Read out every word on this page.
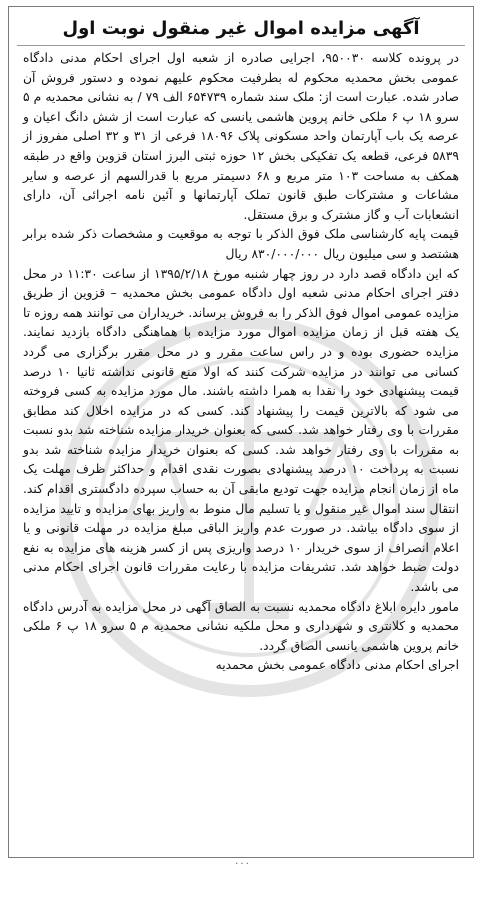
آگهی مزایده اموال غیر منقول نوبت اول

در پرونده کلاسه ۹۵۰۰۳۰، اجرایی صادره از شعبه اول اجرای احکام مدنی دادگاه عمومی بخش محمدیه محکوم له بطرفیت محکوم علیهم نموده و دستور فروش آن صادر شده. عبارت است از: ملک سند شماره ۶۵۴۷۳۹ الف ۷۹ / به نشانی محمدیه م ۵ سرو ۱۸ پ ۶ ملکی خانم پروین هاشمی یانسی که عبارت است از شش دانگ اعیان و عرصه یک باب آپارتمان واحد مسکونی پلاک ۱۸۰۹۶ فرعی از ۳۱ و ۳۲ اصلی مفروز از ۵۸۳۹ فرعی، قطعه یک تفکیکی بخش ۱۲ حوزه ثبتی البرز استان قزوین واقع در طبقه همکف به مساحت ۱۰۳ متر مربع و ۶۸ دسیمتر مربع با قدرالسهم از عرصه و سایر مشاعات و مشترکات طبق قانون تملک آپارتمانها و آئین نامه اجرائی آن، دارای انشعابات آب و گاز مشترک و برق مستقل.

قیمت پایه کارشناسی ملک فوق الذکر با توجه به موقعیت و مشخصات ذکر شده برابر هشتصد و سی میلیون ریال ۸۳۰/۰۰۰/۰۰۰ ریال

که این دادگاه قصد دارد در روز چهار شنبه مورخ ۱۳۹۵/۲/۱۸ از ساعت ۱۱:۳۰ در محل دفتر اجرای احکام مدنی شعبه اول دادگاه عمومی بخش محمدیه – قزوین از طریق مزایده عمومی اموال فوق الذکر را به فروش برساند. خریداران می توانند همه روزه تا یک هفته قبل از زمان مزایده اموال مورد مزایده با هماهنگی دادگاه بازدید نمایند. مزایده حضوری بوده و در راس ساعت مقرر و در محل مقرر برگزاری می گردد کسانی می توانند در مزایده شرکت کنند که اولا منع قانونی نداشته ثانیا ۱۰ درصد قیمت پیشنهادی خود را نقدا به همرا داشته باشند. مال مورد مزایده به کسی فروخته می شود که بالاترین قیمت را پیشنهاد کند. کسی که در مزایده اخلال کند مطابق مقررات با وی رفتار خواهد شد. کسی که بعنوان خریدار مزایده شناخته شد بدو نسبت به مقررات با وی رفتار خواهد شد. کسی که بعنوان خریدار مزایده شناخته شد بدو نسبت به پرداخت ۱۰ درصد پیشنهادی بصورت نقدی اقدام و حداکثر ظرف مهلت یک ماه از زمان انجام مزایده جهت تودیع مابقی آن به حساب سپرده دادگستری اقدام کند. انتقال سند اموال غیر منقول و یا تسلیم مال منوط به واریز بهای مزایده و تایید مزایده از سوی دادگاه بیاشد. در صورت عدم واریز الباقی مبلغ مزایده در مهلت قانونی و یا اعلام انصراف از سوی خریدار ۱۰ درصد واریزی پس از کسر هزینه های مزایده به نفع دولت ضبط خواهد شد. تشریفات مزایده با رعایت مقررات قانون اجرای احکام مدنی می باشد.

مامور دایره ابلاغ دادگاه محمدیه نسبت به الصاق آگهی در محل مزایده به آدرس دادگاه محمدیه و کلانتری و شهرداری و محل ملکیه نشانی محمدیه م ۵ سرو ۱۸ پ ۶ ملکی خانم پروین هاشمی یانسی الصاق گردد.

اجرای احکام مدنی دادگاه عمومی بخش محمدیه

۰۰۰
